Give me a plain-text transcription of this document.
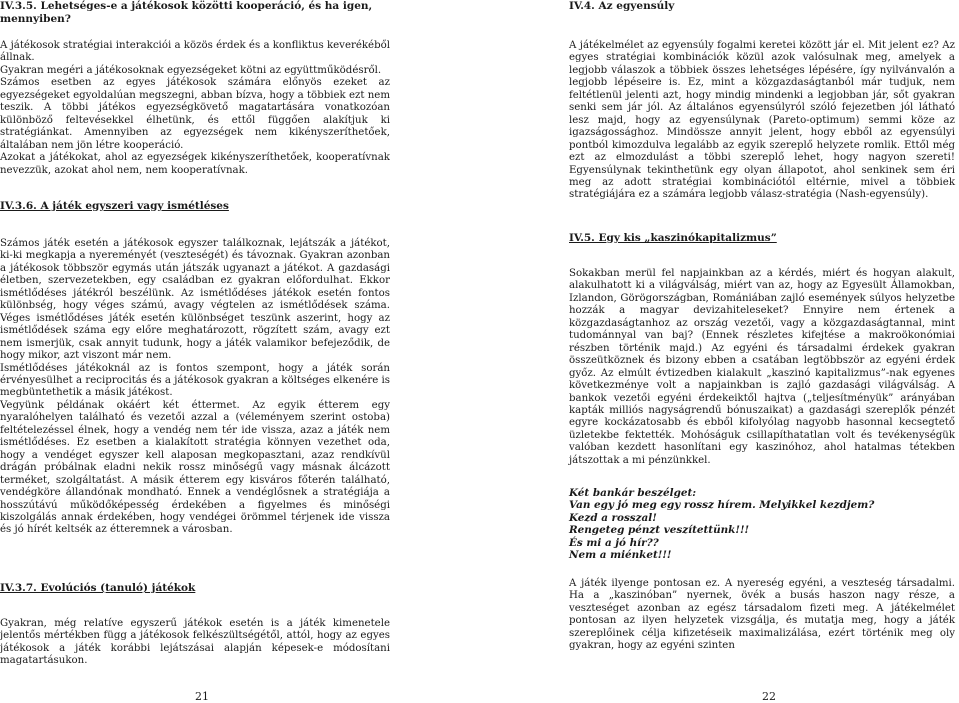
IV.3.5. Lehetséges-e a játékosok közötti kooperáció, és ha igen, mennyiben?

A játékosok stratégiai interakciói a közös érdek és a konfliktus keverékéből állnak.

Gyakran megéri a játékosoknak egyezségeket kötni az együttműködésről.

Számos esetben az egyes játékosok számára előnyös ezeket az egyezségeket egyoldalúan megszegni, abban bízva, hogy a többiek ezt nem teszik. A többi játékos egyezségkövető magatartására vonatkozóan különböző feltevésekkel élhetünk, és ettől függően alakítjuk ki stratégiánkat. Amennyiben az egyezségek nem kikényszeríthetőek, általában nem jön létre kooperáció.

Azokat a játékokat, ahol az egyezségek kikényszeríthetőek, kooperatívnak nevezzük, azokat ahol nem, nem kooperatívnak.

IV.3.6. A játék egyszeri vagy ismétléses

Számos játék esetén a játékosok egyszer találkoznak, lejátszák a játékot, ki-ki megkapja a nyereményét (veszteségét) és távoznak. Gyakran azonban a játékosok többször egymás után játszák ugyanazt a játékot. A gazdasági életben, szervezetekben, egy családban ez gyakran előfordulhat. Ekkor ismétlődéses játékról beszélünk. Az ismétlődéses játékok esetén fontos különbség, hogy véges számú, avagy végtelen az ismétlődések száma. Véges ismétlődéses játék esetén különbséget teszünk aszerint, hogy az ismétlődések száma egy előre meghatározott, rögzített szám, avagy ezt nem ismerjük, csak annyit tudunk, hogy a játék valamikor befejeződik, de hogy mikor, azt viszont már nem.

Ismétlődéses játékoknál az is fontos szempont, hogy a játék során érvényesülhet a reciprocitás és a játékosok gyakran a költséges elkenére is megbüntethetik a másik játékost.

Vegyünk példának okáért két éttermet. Az egyik étterem egy nyaralóhelyen található és vezetői azzal a (véleményem szerint ostoba) feltételezéssel élnek, hogy a vendég nem tér ide vissza, azaz a játék nem ismétlődéses. Ez esetben a kialakított stratégia könnyen vezethet oda, hogy a vendéget egyszer kell alaposan megkopasztani, azaz rendkívül drágán próbálnak eladni nekik rossz minőségű vagy másnak álcázott terméket, szolgáltatást. A másik étterem egy kisváros főterén található, vendégköre állandónak mondható. Ennek a vendéglősnek a stratégiája a hosszútávú működőképesség érdekében a figyelmes és minőségi kiszolgálás annak érdekében, hogy vendégei örömmel térjenek ide vissza és jó hírét keltsék az étteremnek a városban.

IV.3.7. Evolúciós (tanuló) játékok

Gyakran, még relatíve egyszerű játékok esetén is a játék kimenetele jelentős mértékben függ a játékosok felkészültségétől, attól, hogy az egyes játékosok a játék korábbi lejátszásai alapján képesek-e módosítani magatartásukon.

21
IV.4. Az egyensúly

A játékelmélet az egyensúly fogalmi keretei között jár el. Mit jelent ez? Az egyes stratégiai kombinációk közül azok valósulnak meg, amelyek a legjobb válaszok a többiek összes lehetséges lépésére, így nyilvánvalón a legjobb lépéseire is. Ez, mint a közgazdaságtanból már tudjuk, nem feltétlenül jelenti azt, hogy mindig mindenki a legjobban jár, sőt gyakran senki sem jár jól. Az általános egyensúlyról szóló fejezetben jól látható lesz majd, hogy az egyensúlynak (Pareto-optimum) semmi köze az igazságossághoz. Mindössze annyit jelent, hogy ebből az egyensúlyi pontból kimozdulva legalább az egyik szereplő helyzete romlik. Ettől még ezt az elmozdulást a többi szereplő lehet, hogy nagyon szereti! Egyensúlynak tekinthetünk egy olyan állapotot, ahol senkinek sem éri meg az adott stratégiai kombinációtól eltérnie, mivel a többiek stratégiájára ez a számára legjobb válasz-stratégia (Nash-egyensúly).

IV.5. Egy kis „kaszinókapitalizmus”

Sokakban merül fel napjainkban az a kérdés, miért és hogyan alakult, alakulhatott ki a világválság, miért van az, hogy az Egyesült Államokban, Izlandon, Görögországban, Romániában zajló események súlyos helyzetbe hozzák a magyar devizahiteleseket? Ennyire nem értenek a közgazdaságtanhoz az ország vezetői, vagy a közgazdaságtannal, mint tudománnyal van baj? (Ennek részletes kifejtése a makroökonómiai részben történik majd.) Az egyéni és társadalmi érdekek gyakran összeütköznek és bizony ebben a csatában legtöbbször az egyéni érdek győz. Az elmúlt évtizedben kialakult „kaszinó kapitalizmus”-nak egyenes következménye volt a napjainkban is zajló gazdasági világválság. A bankok vezetői egyéni érdekeiktől hajtva („teljesítményük” arányában kapták milliós nagyságrendű bónuszaikat) a gazdasági szereplők pénzét egyre kockázatosabb és ebből kifolyólag nagyobb hasonnal kecsegtető üzletekbe fektették. Mohóságuk csillapíthatatlan volt és tevékenységük valóban kezdett hasonlítani egy kaszinóhoz, ahol hatalmas tétekben játszottak a mi pénzünkkel.

Két bankár beszélget:
Van egy jó meg egy rossz hírem. Melyikkel kezdjem?
Kezd a rosszal!
Rengeteg pénzt veszítettünk!!!
És mi a jó hír??
Nem a miénket!!!

A játék ilyenge pontosan ez. A nyereség egyéni, a veszteség társadalmi. Ha a „kaszinóban” nyernek, övék a busás haszon nagy része, a veszteséget azonban az egész társadalom fizeti meg. A játékelmélet pontosan az ilyen helyzetek vizsgálja, és mutatja meg, hogy a játék szereplőinek célja kifizetéseik maximalizálása, ezért történik meg oly gyakran, hogy az egyéni szinten

22
